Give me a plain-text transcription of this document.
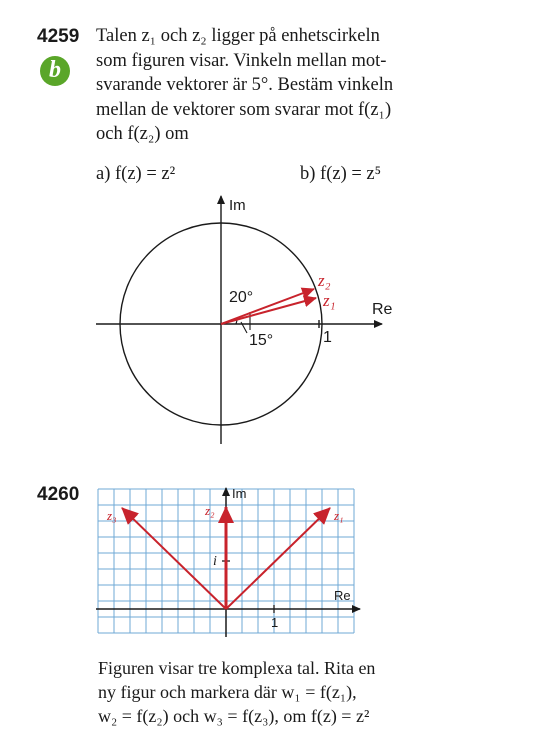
4259
b
Talen z₁ och z₂ ligger på enhetscirkeln
som figuren visar. Vinkeln mellan mot-
svarande vektorer är 5°. Bestäm vinkeln
mellan de vektorer som svarar mot f(z₁)
och f(z₂) om
a) f(z) = z²	b) f(z) = z⁵
Im
Re
1
20°
15°
z₂
z₁
Im
Re
1
i
z₃	z₂	z₁
4260
Figuren visar tre komplexa tal. Rita en
ny figur och markera där w₁ = f(z₁),
w₂ = f(z₂) och w₃ = f(z₃), om f(z) = z²
